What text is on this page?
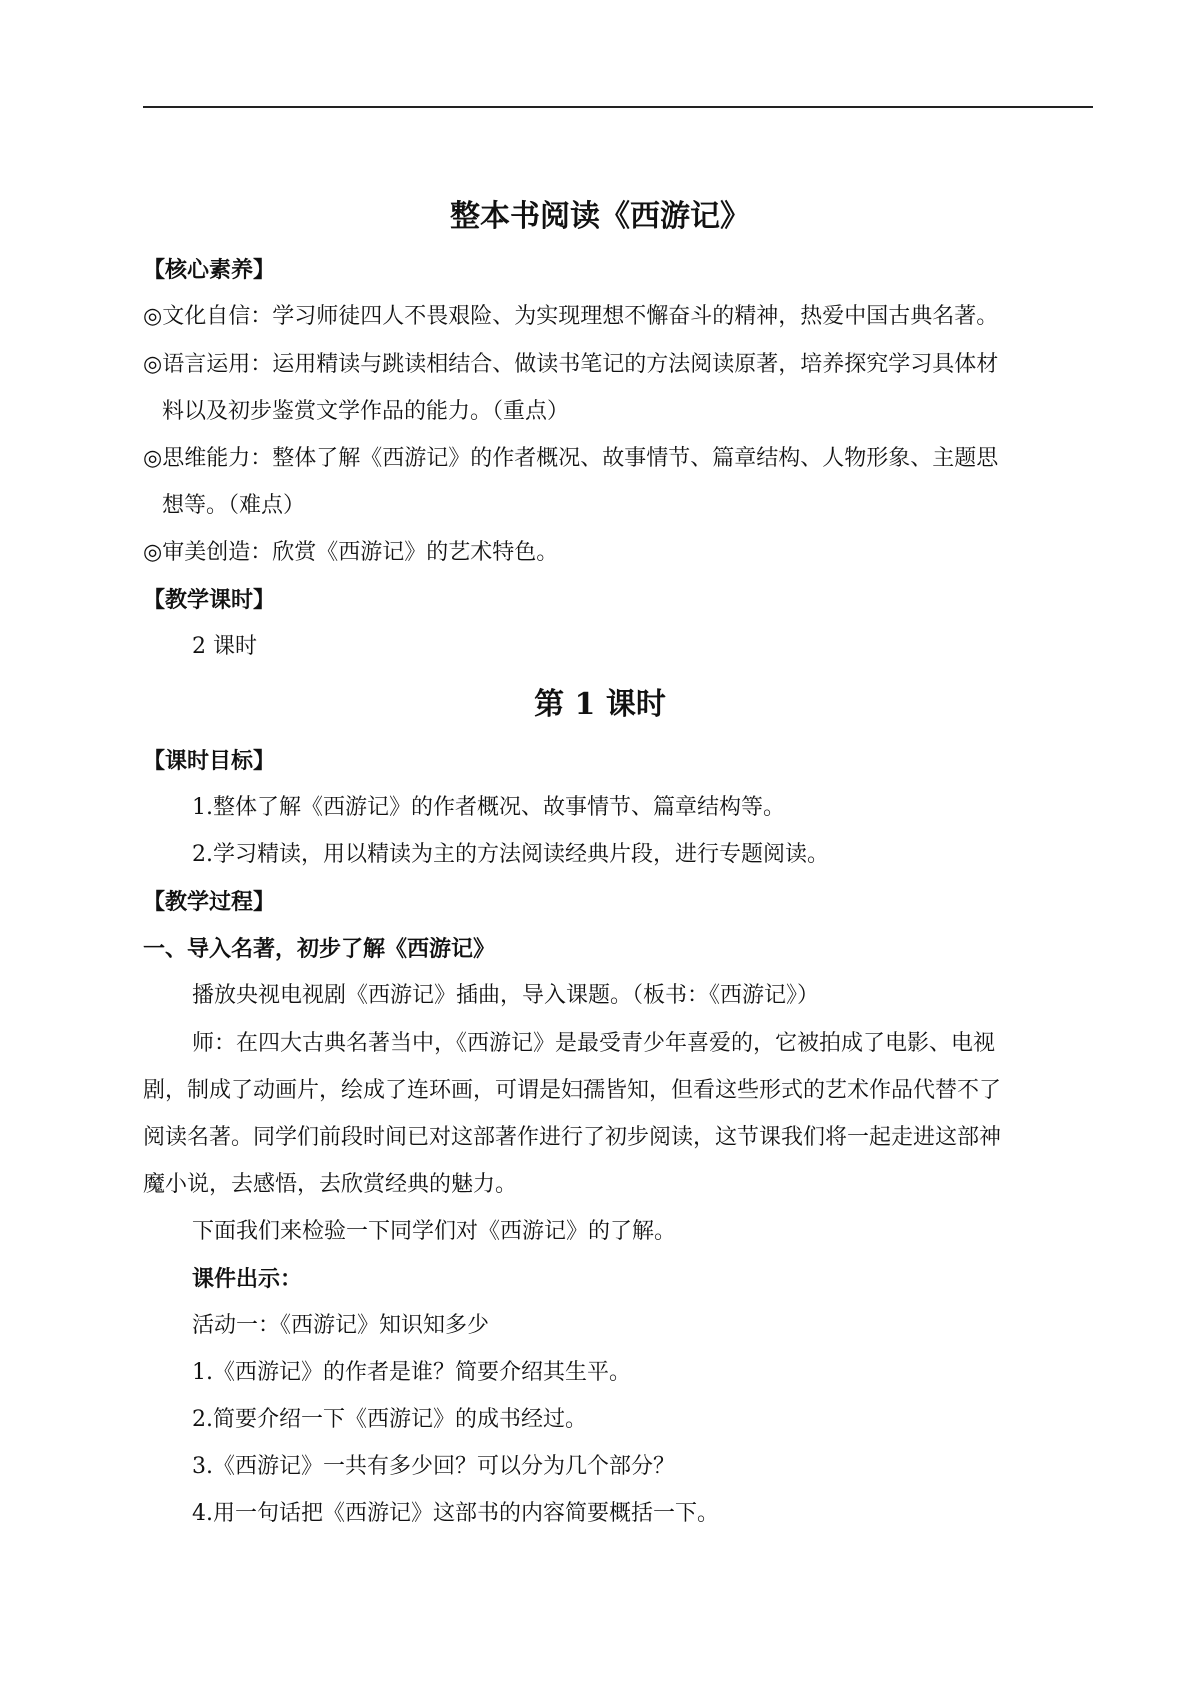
整本书阅读《西游记》
【核心素养】
◎文化自信：学习师徒四人不畏艰险、为实现理想不懈奋斗的精神，热爱中国古典名著。
◎语言运用：运用精读与跳读相结合、做读书笔记的方法阅读原著，培养探究学习具体材
料以及初步鉴赏文学作品的能力。（重点）
◎思维能力：整体了解《西游记》的作者概况、故事情节、篇章结构、人物形象、主题思
想等。（难点）
◎审美创造：欣赏《西游记》的艺术特色。
【教学课时】
2 课时
第 1 课时
【课时目标】
1.整体了解《西游记》的作者概况、故事情节、篇章结构等。
2.学习精读，用以精读为主的方法阅读经典片段，进行专题阅读。
【教学过程】
一、导入名著，初步了解《西游记》
播放央视电视剧《西游记》插曲，导入课题。（板书：《西游记》）
师：在四大古典名著当中，《西游记》是最受青少年喜爱的，它被拍成了电影、电视
剧，制成了动画片，绘成了连环画，可谓是妇孺皆知，但看这些形式的艺术作品代替不了
阅读名著。同学们前段时间已对这部著作进行了初步阅读，这节课我们将一起走进这部神
魔小说，去感悟，去欣赏经典的魅力。
下面我们来检验一下同学们对《西游记》的了解。
课件出示：
活动一：《西游记》知识知多少
1.《西游记》的作者是谁？简要介绍其生平。
2.简要介绍一下《西游记》的成书经过。
3.《西游记》一共有多少回？可以分为几个部分？
4.用一句话把《西游记》这部书的内容简要概括一下。
